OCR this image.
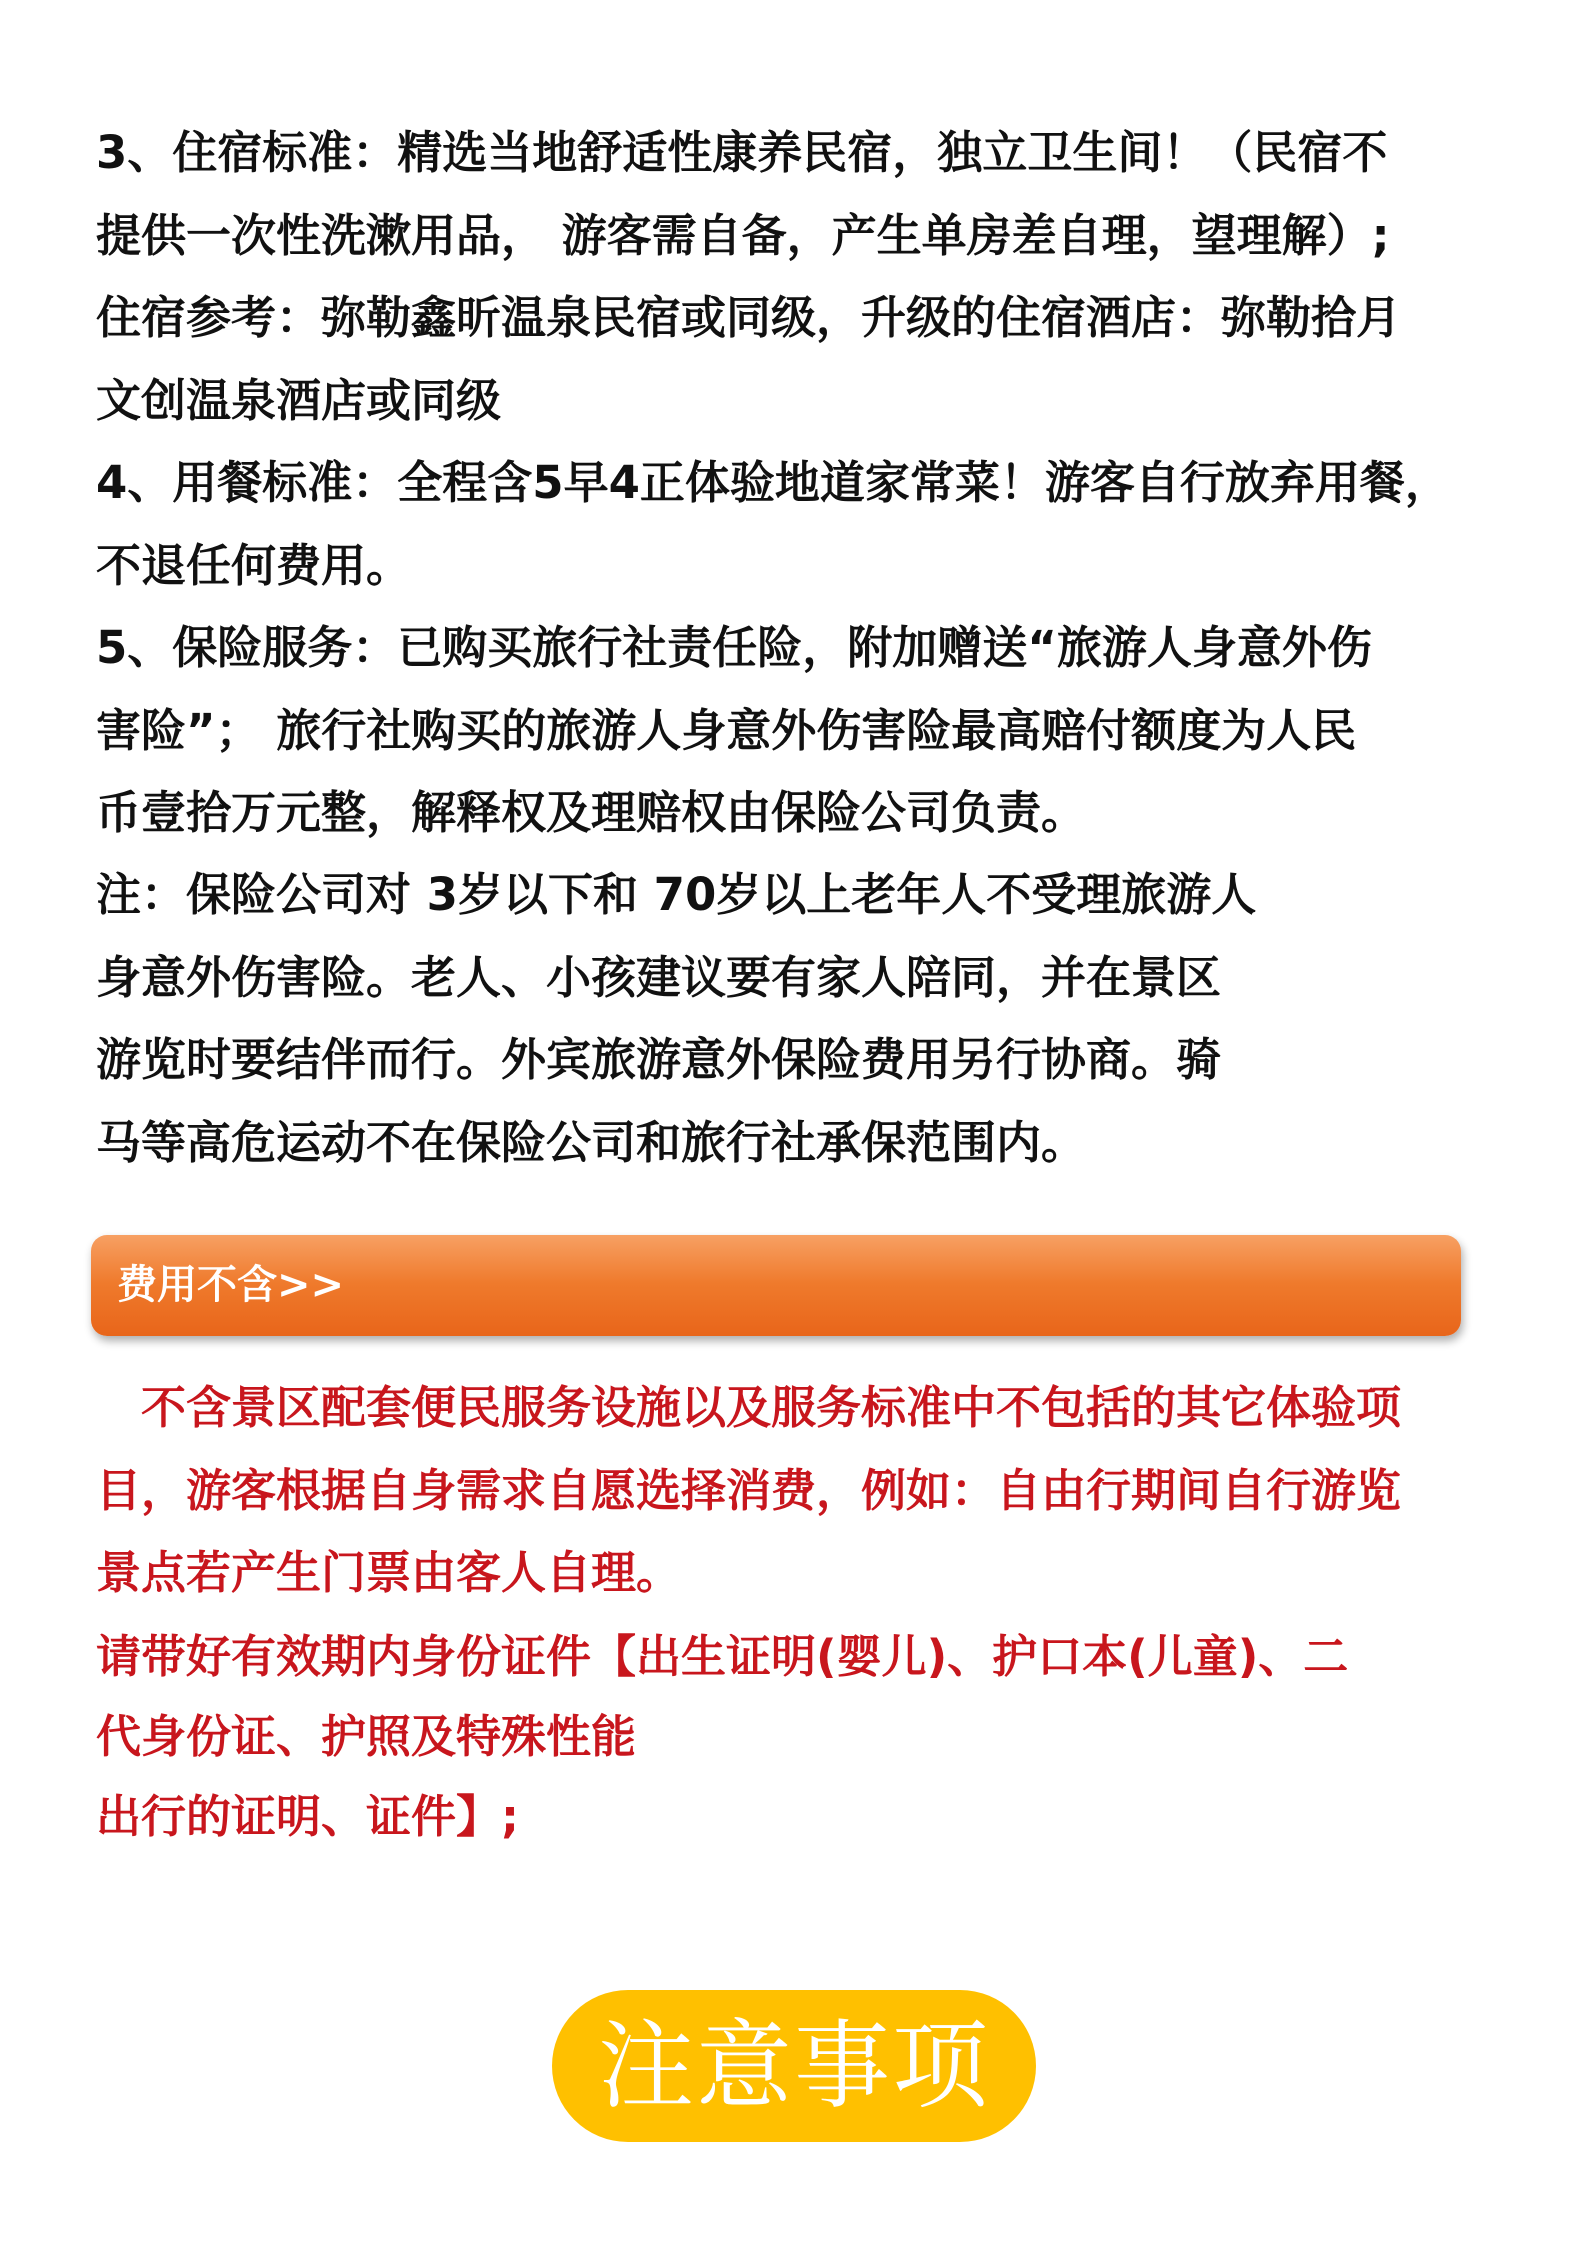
3、住宿标准：精选当地舒适性康养民宿，独立卫生间！（民宿不
提供一次性洗漱用品， 游客需自备，产生单房差自理，望理解）;
住宿参考：弥勒鑫昕温泉民宿或同级，升级的住宿酒店：弥勒拾月
文创温泉酒店或同级
4、用餐标准：全程含5早4正体验地道家常菜！游客自行放弃用餐，
不退任何费用。
5、保险服务：已购买旅行社责任险，附加赠送“旅游人身意外伤
害险”； 旅行社购买的旅游人身意外伤害险最高赔付额度为人民
币壹拾万元整，解释权及理赔权由保险公司负责。
注：保险公司对 3岁以下和 70岁以上老年人不受理旅游人
身意外伤害险。老人、小孩建议要有家人陪同，并在景区
游览时要结伴而行。外宾旅游意外保险费用另行协商。骑
马等高危运动不在保险公司和旅行社承保范围内。
费用不含>>
　不含景区配套便民服务设施以及服务标准中不包括的其它体验项
目，游客根据自身需求自愿选择消费，例如：自由行期间自行游览
景点若产生门票由客人自理。
请带好有效期内身份证件【出生证明(婴儿)、护口本(儿童)、二
代身份证、护照及特殊性能
出行的证明、证件】;
注意事项
